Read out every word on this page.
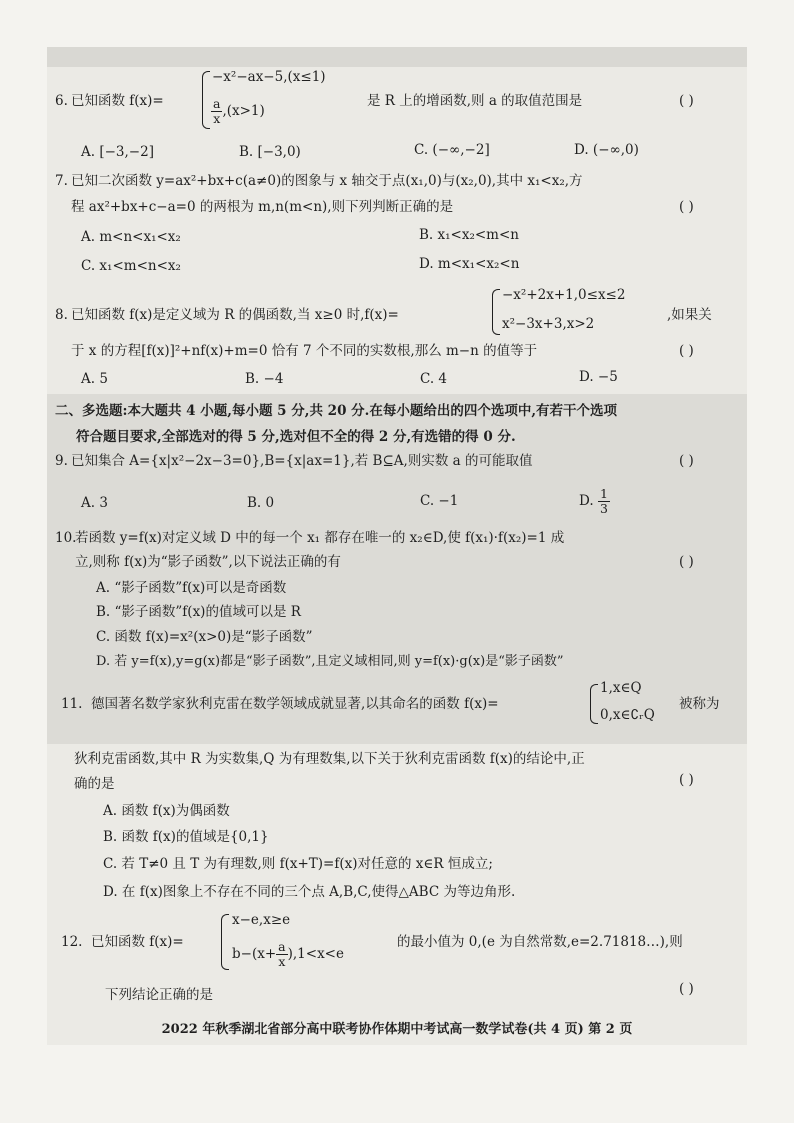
6. 已知函数 f(x)=
−x²−ax−5,(x≤1)
$\frac{a}{x} ,(x>1)$
是 R 上的增函数,则 a 的取值范围是	( )
A. [−3,−2]	B. [−3,0)	C. (−∞,−2]	D. (−∞,0)
7. 已知二次函数 y=ax²+bx+c(a≠0)的图象与 x 轴交于点(x₁,0)与(x₂,0),其中 x₁<x₂,方
程 ax²+bx+c−a=0 的两根为 m,n(m<n),则下列判断正确的是	( )
A. m<n<x₁<x₂	B. x₁<x₂<m<n
C. x₁<m<n<x₂	D. m<x₁<x₂<n
8. 已知函数 f(x)是定义域为 R 的偶函数,当 x≥0 时,f(x)=
−x²+2x+1,0≤x≤2
x²−3x+3,x>2
,如果关
于 x 的方程[f(x)]²+nf(x)+m=0 恰有 7 个不同的实数根,那么 m−n 的值等于	( )
A. 5	B. −4	C. 4	D. −5
二、多选题:本大题共 4 小题,每小题 5 分,共 20 分.在每小题给出的四个选项中,有若干个选项
符合题目要求,全部选对的得 5 分,选对但不全的得 2 分,有选错的得 0 分.
9. 已知集合 A={x|x²−2x−3=0},B={x|ax=1},若 B⊆A,则实数 a 的可能取值	( )
A. 3	B. 0	C. −1	D. $\frac{1}{3}$
10.
若函数 y=f(x)对定义域 D 中的每一个 x₁ 都存在唯一的 x₂∈D,使 f(x₁)·f(x₂)=1 成
立,则称 f(x)为“影子函数”,以下说法正确的有	( )
A. “影子函数”f(x)可以是奇函数
B. “影子函数”f(x)的值域可以是 R
C. 函数 f(x)=x²(x>0)是“影子函数”
D. 若 y=f(x),y=g(x)都是“影子函数”,且定义域相同,则 y=f(x)·g(x)是“影子函数”
11. 德国著名数学家狄利克雷在数学领域成就显著,以其命名的函数 f(x)=
1,x∈Q
0,x∈∁ᵣQ
被称为
狄利克雷函数,其中 R 为实数集,Q 为有理数集,以下关于狄利克雷函数 f(x)的结论中,正
确的是	( )
A. 函数 f(x)为偶函数
B. 函数 f(x)的值域是{0,1}
C. 若 T≠0 且 T 为有理数,则 f(x+T)=f(x)对任意的 x∈R 恒成立;
D. 在 f(x)图象上不存在不同的三个点 A,B,C,使得△ABC 为等边角形.
12. 已知函数 f(x)=
x−e,x≥e
$b-(x+ \frac{a}{x} ),1<x<e$
的最小值为 0,(e 为自然常数,e=2.71818…),则
下列结论正确的是	( )
2022 年秋季湖北省部分高中联考协作体期中考试高一数学试卷(共 4 页) 第 2 页
